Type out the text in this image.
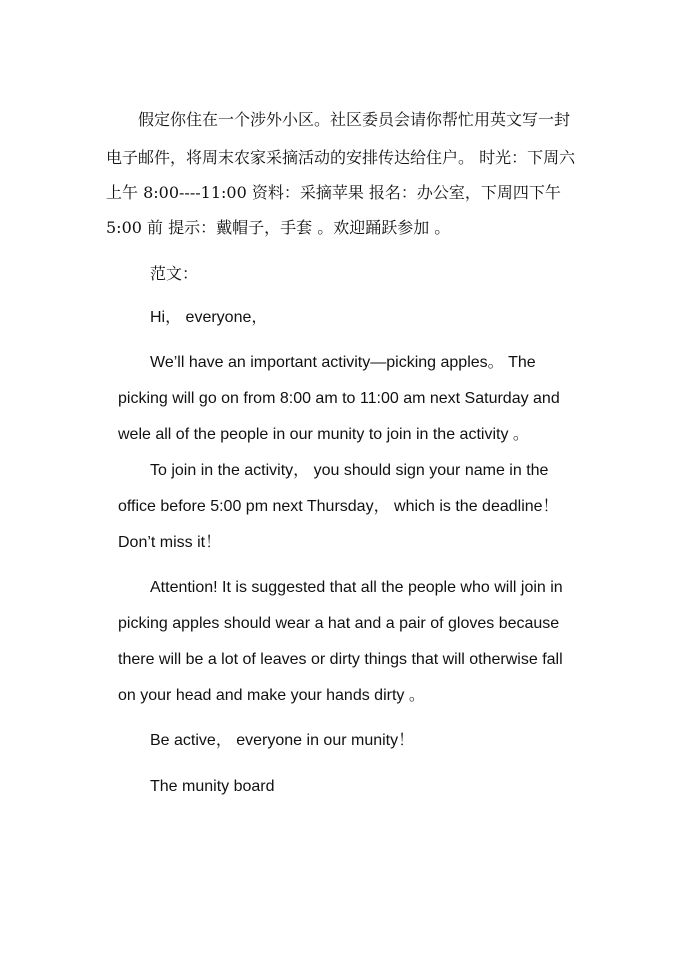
假定你住在一个涉外小区。社区委员会请你帮忙用英文写一封
电子邮件，将周末农家采摘活动的安排传达给住户。 时光：下周六
上午 8:00----11:00 资料：采摘苹果 报名：办公室，下周四下午
5:00 前 提示：戴帽子，手套 。欢迎踊跃参加 。
范文：
Hi， everyone，
We’ll have an important activity—picking apples。 The
picking will go on from 8:00 am to 11:00 am next Saturday and
wele all of the people in our munity to join in the activity 。
To join in the activity， you should sign your name in the
office before 5:00 pm next Thursday， which is the deadline！
Don’t miss it！
Attention! It is suggested that all the people who will join in
picking apples should wear a hat and a pair of gloves because
there will be a lot of leaves or dirty things that will otherwise fall
on your head and make your hands dirty 。
Be active， everyone in our munity！
The munity board
